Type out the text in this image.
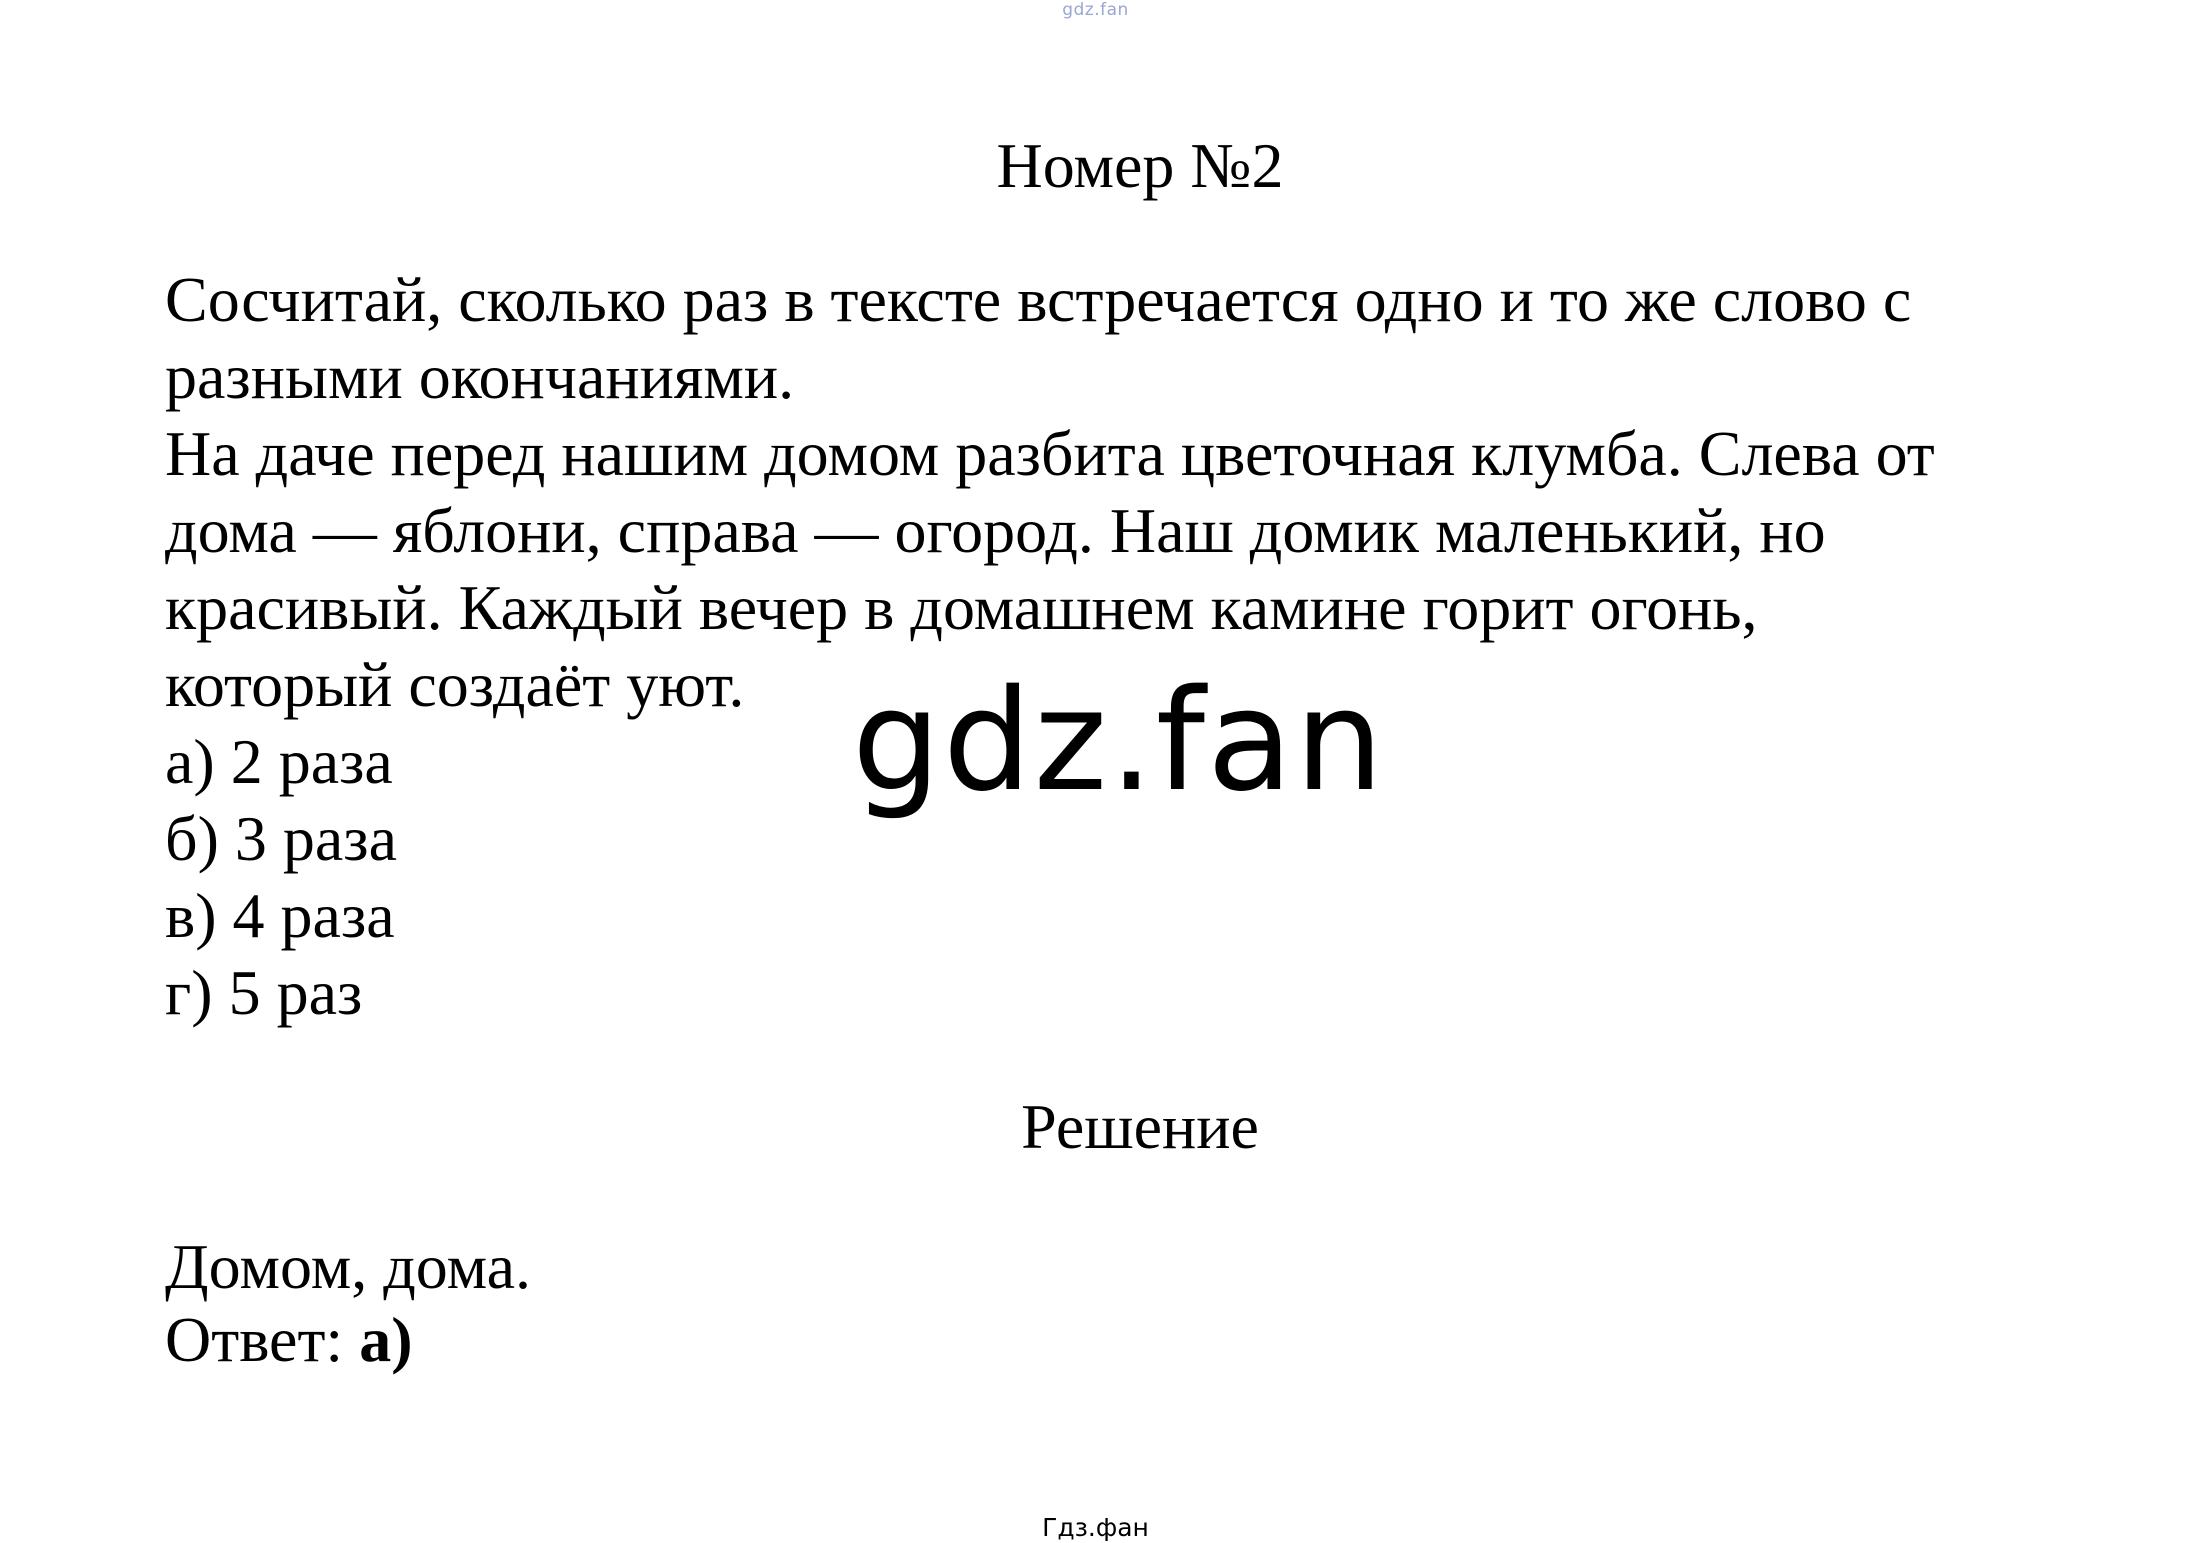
gdz.fan
Номер №2
Сосчитай, сколько раз в тексте встречается одно и то же слово с
разными окончаниями.
На даче перед нашим домом разбита цветочная клумба. Слева от
дома — яблони, справа — огород. Наш домик маленький, но
красивый. Каждый вечер в домашнем камине горит огонь,
который создаёт уют.
а) 2 раза
б) 3 раза
в) 4 раза
г) 5 раз
gdz.fan
Решение
Домом, дома.
Ответ: а)
Гдз.фан
